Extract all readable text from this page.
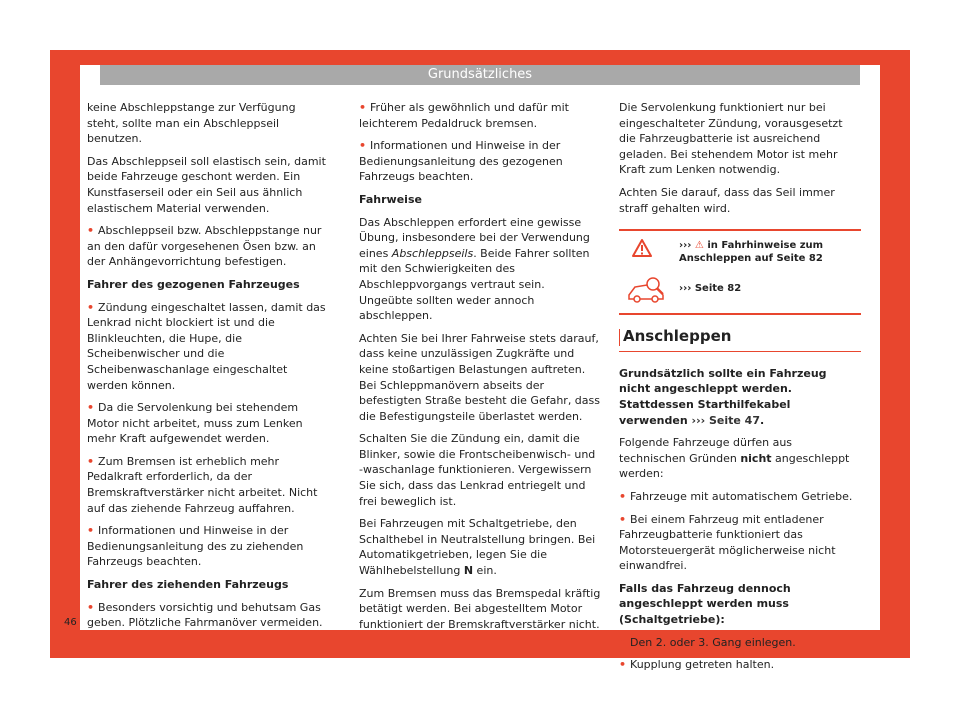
Grundsätzliches
46

keine Abschleppstange zur Verfügung steht, sollte man ein Abschleppseil benutzen.

Das Abschleppseil soll elastisch sein, damit beide Fahrzeuge geschont werden. Ein Kunstfaserseil oder ein Seil aus ähnlich elastischem Material verwenden.

• Abschleppseil bzw. Abschleppstange nur an den dafür vorgesehenen Ösen bzw. an der Anhängevorrichtung befestigen.

Fahrer des gezogenen Fahrzeuges

• Zündung eingeschaltet lassen, damit das Lenkrad nicht blockiert ist und die Blinkleuchten, die Hupe, die Scheibenwischer und die Scheibenwaschanlage eingeschaltet werden können.

• Da die Servolenkung bei stehendem Motor nicht arbeitet, muss zum Lenken mehr Kraft aufgewendet werden.

• Zum Bremsen ist erheblich mehr Pedalkraft erforderlich, da der Bremskraftverstärker nicht arbeitet. Nicht auf das ziehende Fahrzeug auffahren.

• Informationen und Hinweise in der Bedienungsanleitung des zu ziehenden Fahrzeugs beachten.

Fahrer des ziehenden Fahrzeugs

• Besonders vorsichtig und behutsam Gas geben. Plötzliche Fahrmanöver vermeiden.

• Früher als gewöhnlich und dafür mit leichterem Pedaldruck bremsen.

• Informationen und Hinweise in der Bedienungsanleitung des gezogenen Fahrzeugs beachten.

Fahrweise

Das Abschleppen erfordert eine gewisse Übung, insbesondere bei der Verwendung eines Abschleppseils. Beide Fahrer sollten mit den Schwierigkeiten des Abschleppvorgangs vertraut sein. Ungeübte sollten weder annoch abschleppen.

Achten Sie bei Ihrer Fahrweise stets darauf, dass keine unzulässigen Zugkräfte und keine stoßartigen Belastungen auftreten. Bei Schleppmanövern abseits der befestigten Straße besteht die Gefahr, dass die Befestigungsteile überlastet werden.

Schalten Sie die Zündung ein, damit die Blinker, sowie die Frontscheibenwisch- und -waschanlage funktionieren. Vergewissern Sie sich, dass das Lenkrad entriegelt und frei beweglich ist.

Bei Fahrzeugen mit Schaltgetriebe, den Schalthebel in Neutralstellung bringen. Bei Automatikgetrieben, legen Sie die Wählhebelstellung N ein.

Zum Bremsen muss das Bremspedal kräftig betätigt werden. Bei abgestelltem Motor funktioniert der Bremskraftverstärker nicht.

Die Servolenkung funktioniert nur bei eingeschalteter Zündung, vorausgesetzt die Fahrzeugbatterie ist ausreichend geladen. Bei stehendem Motor ist mehr Kraft zum Lenken notwendig.

Achten Sie darauf, dass das Seil immer straff gehalten wird.

››› ⚠ in Fahrhinweise zum Anschleppen auf Seite 82
››› Seite 82
Anschleppen

Grundsätzlich sollte ein Fahrzeug nicht angeschleppt werden. Stattdessen Starthilfekabel verwenden ››› Seite 47.

Folgende Fahrzeuge dürfen aus technischen Gründen nicht angeschleppt werden:

• Fahrzeuge mit automatischem Getriebe.

• Bei einem Fahrzeug mit entladener Fahrzeugbatterie funktioniert das Motorsteuergerät möglicherweise nicht einwandfrei.

Falls das Fahrzeug dennoch angeschleppt werden muss (Schaltgetriebe):

• Den 2. oder 3. Gang einlegen.

• Kupplung getreten halten.
